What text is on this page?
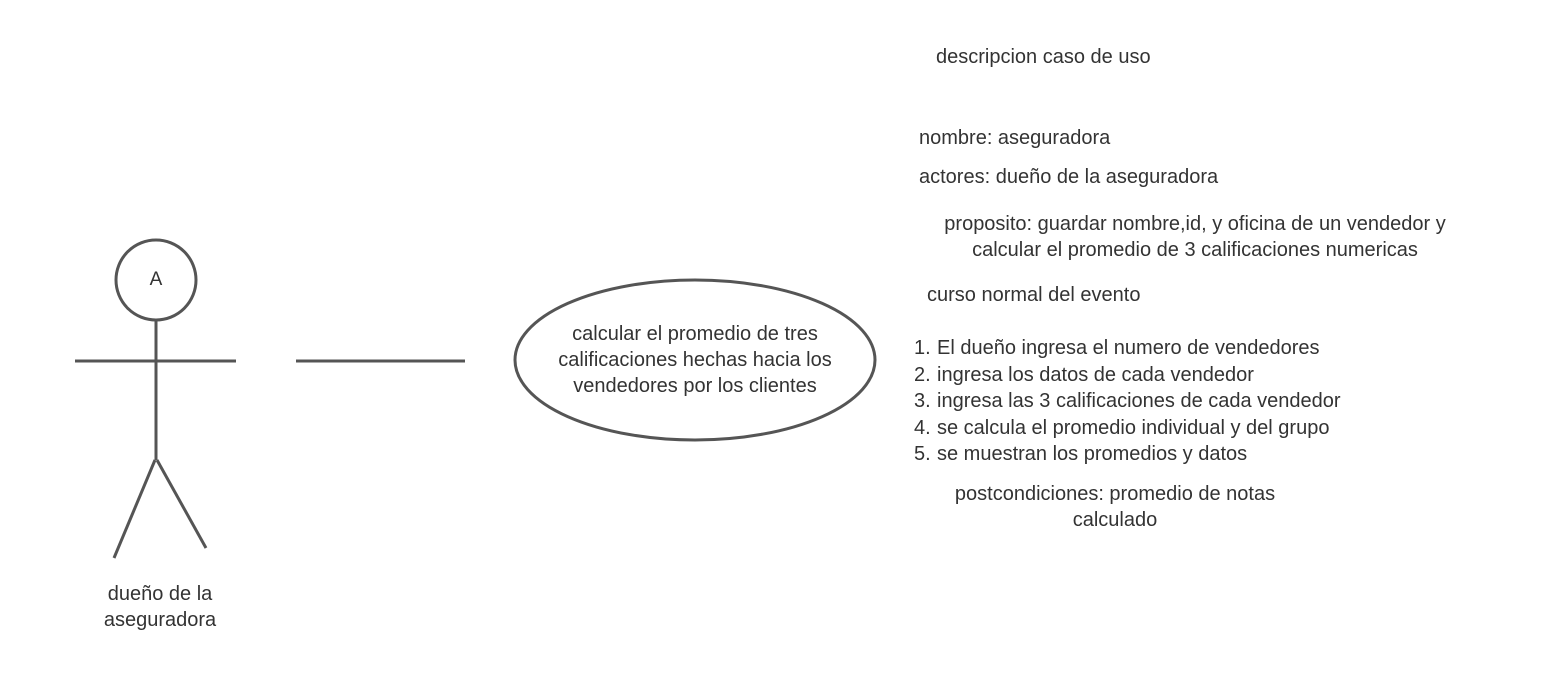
A
dueño de la
aseguradora
calcular el promedio de tres
calificaciones hechas hacia los
vendedores por los clientes
descripcion caso de uso
nombre: aseguradora
actores: dueño de la aseguradora
proposito: guardar nombre,id, y oficina de un vendedor y
calcular el promedio de 3 calificaciones numericas
curso normal del evento
1. El dueño ingresa el numero de vendedores
2. ingresa los datos de cada vendedor
3. ingresa las 3 calificaciones de cada vendedor
4. se calcula el promedio individual y del grupo
5. se muestran los promedios y datos
postcondiciones: promedio de notas
calculado
